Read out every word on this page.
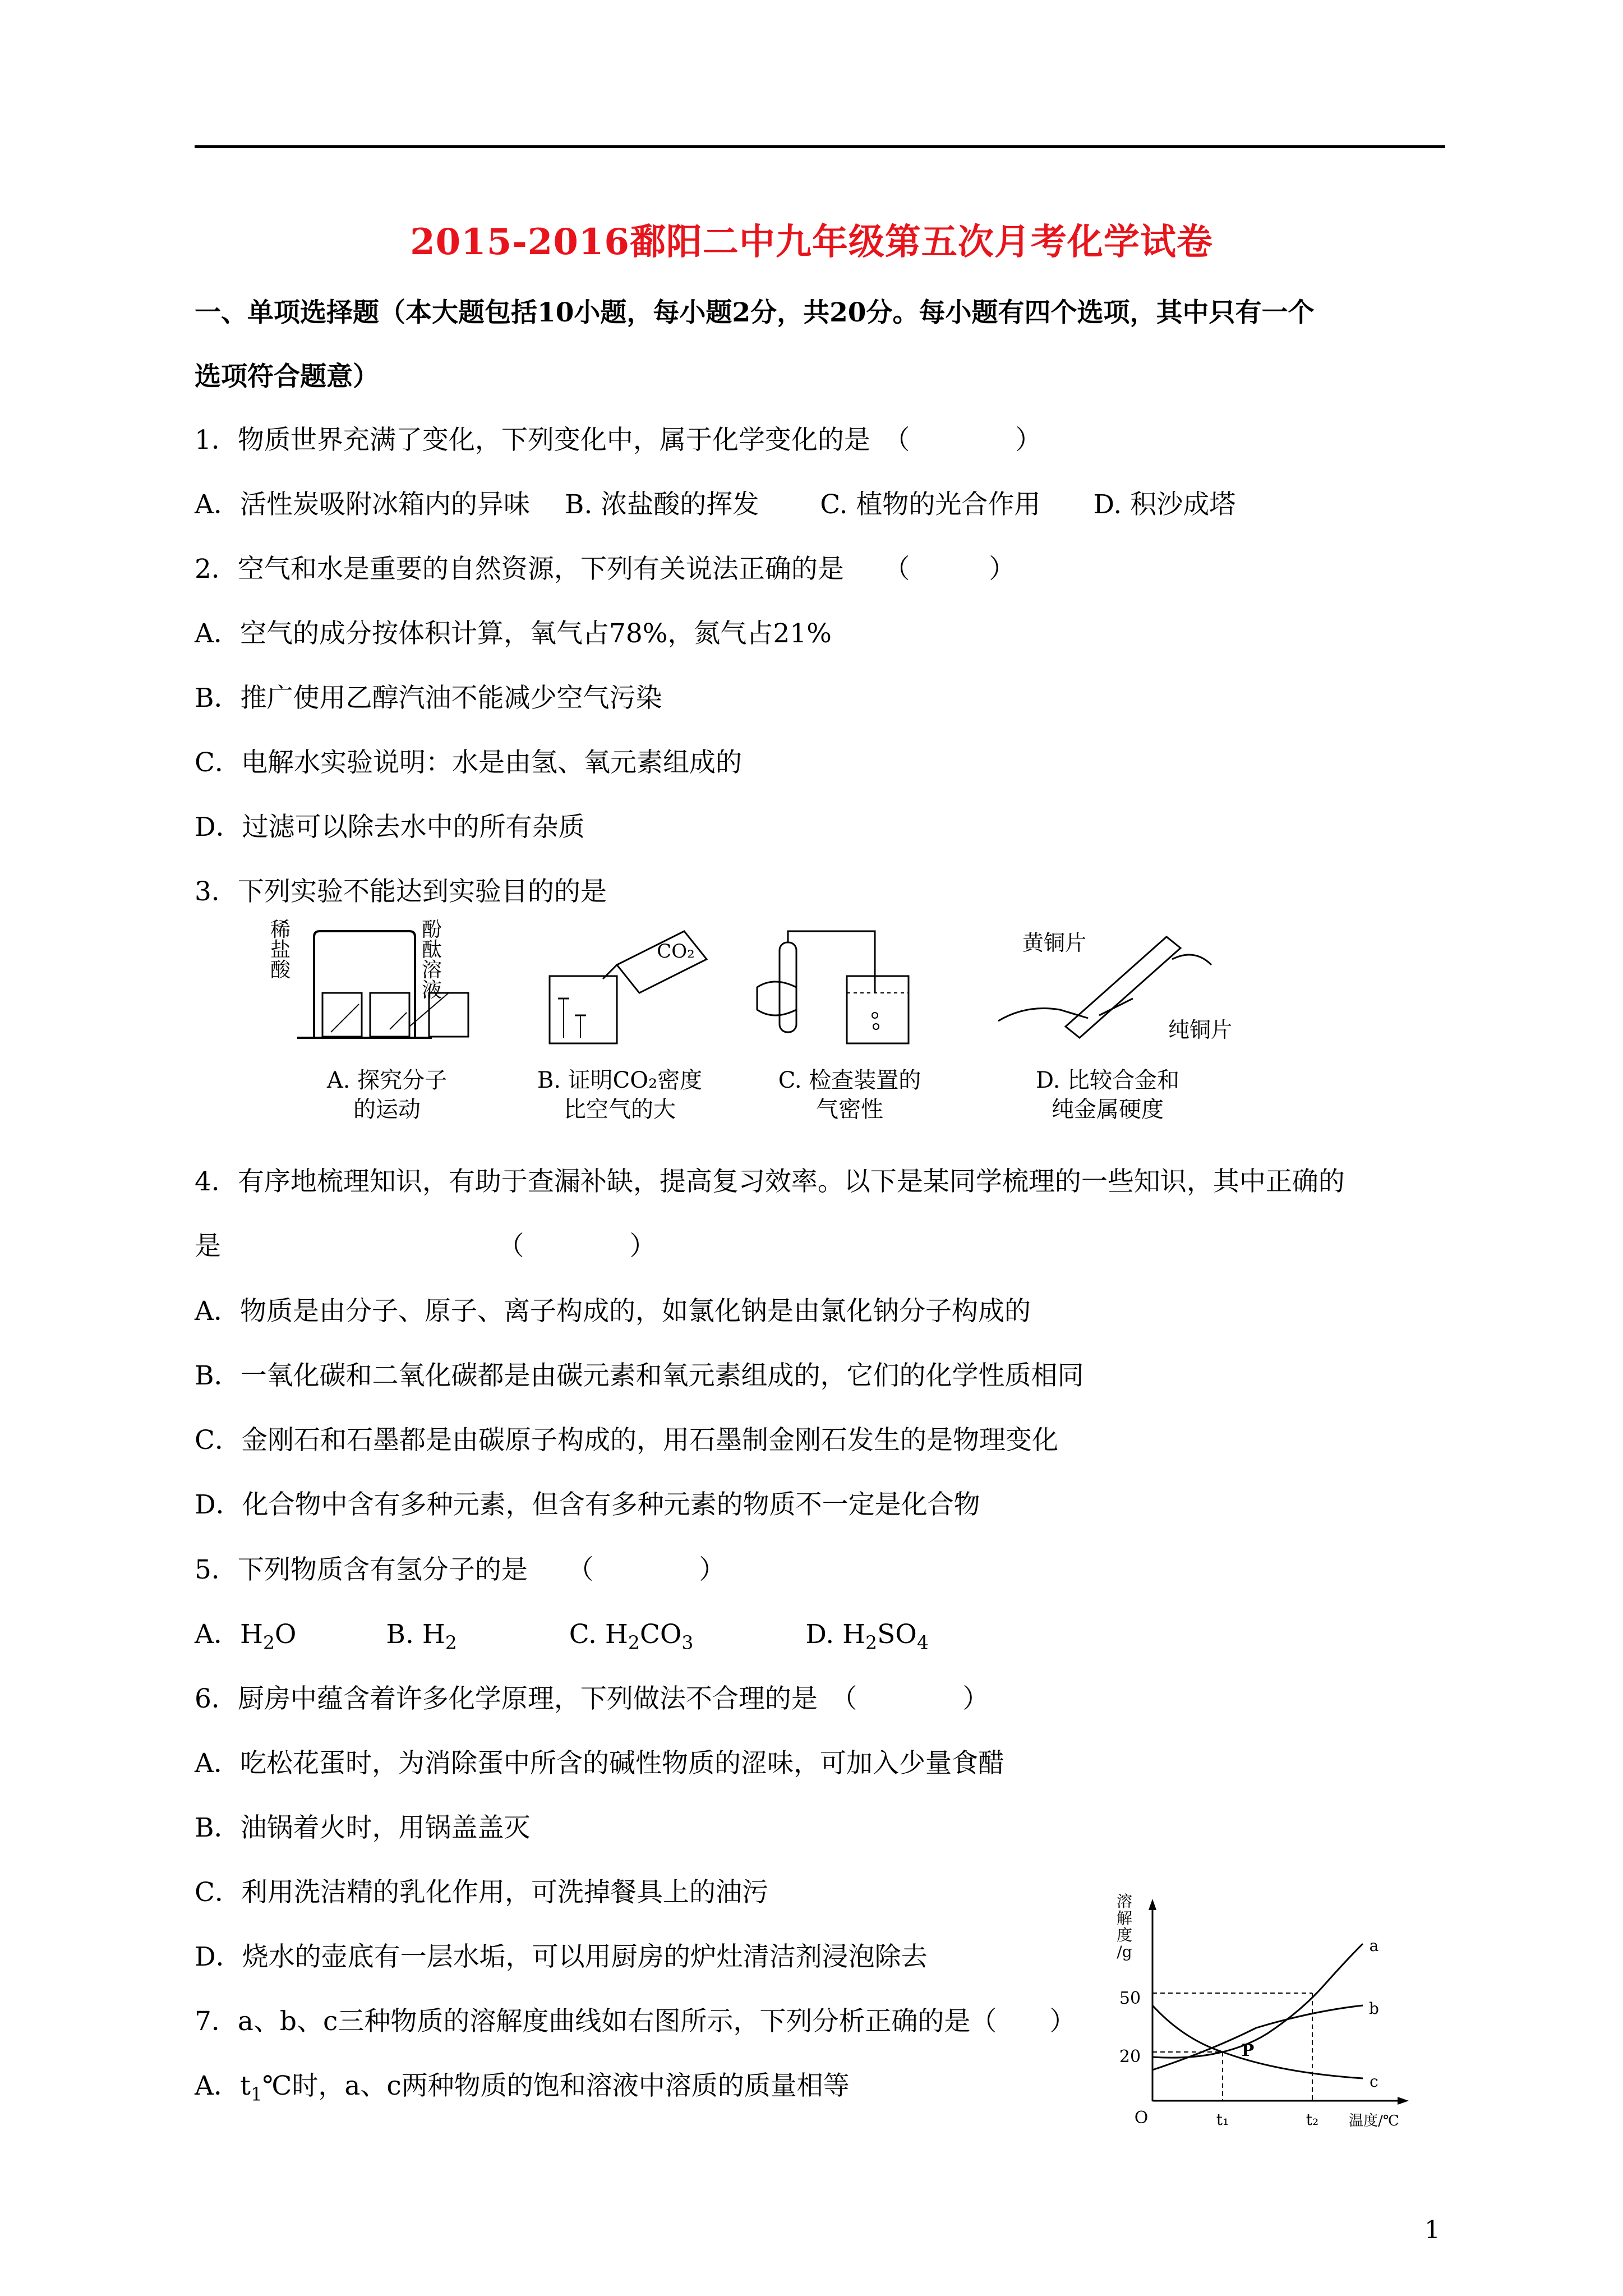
2015-2016鄱阳二中九年级第五次月考化学试卷
一、单项选择题（本大题包括10小题，每小题2分，共20分。每小题有四个选项，其中只有一个
选项符合题意）
1．物质世界充满了变化，下列变化中，属于化学变化的是　（　　　　）
A．活性炭吸附冰箱内的异味　 B. 浓盐酸的挥发　　 C. 植物的光合作用　　D. 积沙成塔
2．空气和水是重要的自然资源，下列有关说法正确的是　　（　　　）
A．空气的成分按体积计算，氧气占78%，氮气占21%
B．推广使用乙醇汽油不能减少空气污染
C．电解水实验说明：水是由氢、氧元素组成的
D．过滤可以除去水中的所有杂质
3．下列实验不能达到实验目的的是
稀
盐
酸
酚
酞
溶
液
A. 探究分子
的运动
CO₂
B. 证明CO₂密度
比空气的大
C. 检查装置的
气密性
黄铜片
纯铜片
D. 比较合金和
纯金属硬度
4．有序地梳理知识，有助于查漏补缺，提高复习效率。以下是某同学梳理的一些知识，其中正确的
是　　　　　　　　　　　（　　　　）
A．物质是由分子、原子、离子构成的，如氯化钠是由氯化钠分子构成的
B．一氧化碳和二氧化碳都是由碳元素和氧元素组成的，它们的化学性质相同
C．金刚石和石墨都是由碳原子构成的，用石墨制金刚石发生的是物理变化
D．化合物中含有多种元素，但含有多种元素的物质不一定是化合物
5．下列物质含有氢分子的是　　（　　　　）
A．$H_2O$	B. $H_2$	C. $H_2CO_3$	D. $H_2SO_4$
6．厨房中蕴含着许多化学原理，下列做法不合理的是　（　　　　）
A．吃松花蛋时，为消除蛋中所含的碱性物质的涩味，可加入少量食醋
B．油锅着火时，用锅盖盖灭
C．利用洗洁精的乳化作用，可洗掉餐具上的油污
D．烧水的壶底有一层水垢，可以用厨房的炉灶清洁剂浸泡除去
7．a、b、c三种物质的溶解度曲线如右图所示，下列分析正确的是（　　）
A．$t_1℃$时，a、c两种物质的饱和溶液中溶质的质量相等
溶
解
度
/g
50
20
O	t₁	t₂	温度/℃
P
a
b
c
1
